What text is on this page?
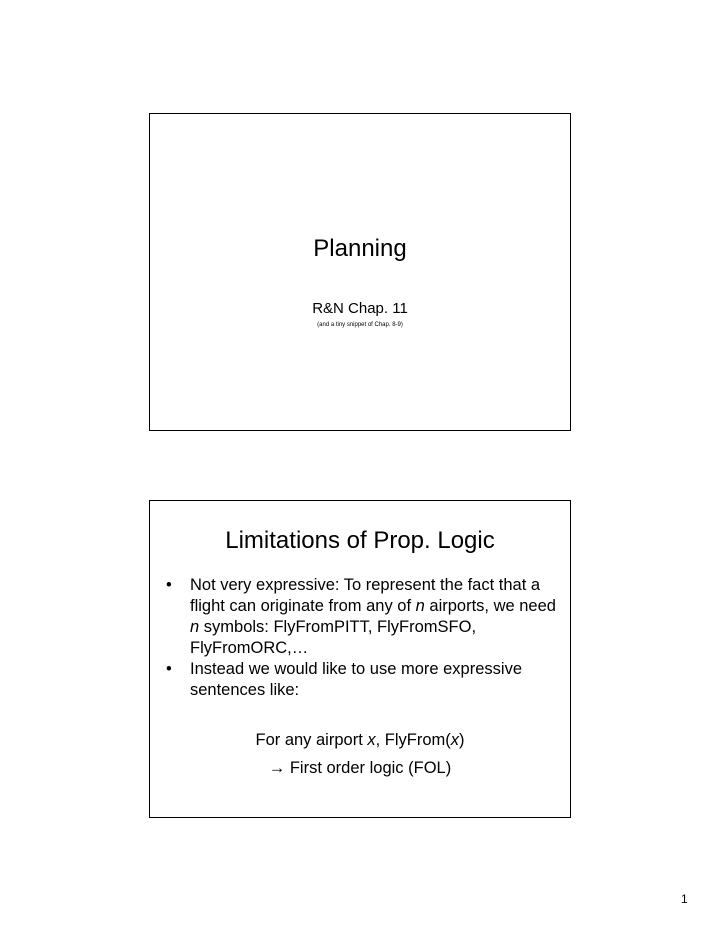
Planning
R&N Chap. 11
(and a tiny snippet of Chap. 8-9)
Limitations of Prop. Logic
• Not very expressive: To represent the fact that a flight can originate from any of n airports, we need n symbols: FlyFromPITT, FlyFromSFO, FlyFromORC,…
• Instead we would like to use more expressive sentences like:
For any airport x, FlyFrom(x)
→ First order logic (FOL)
1
